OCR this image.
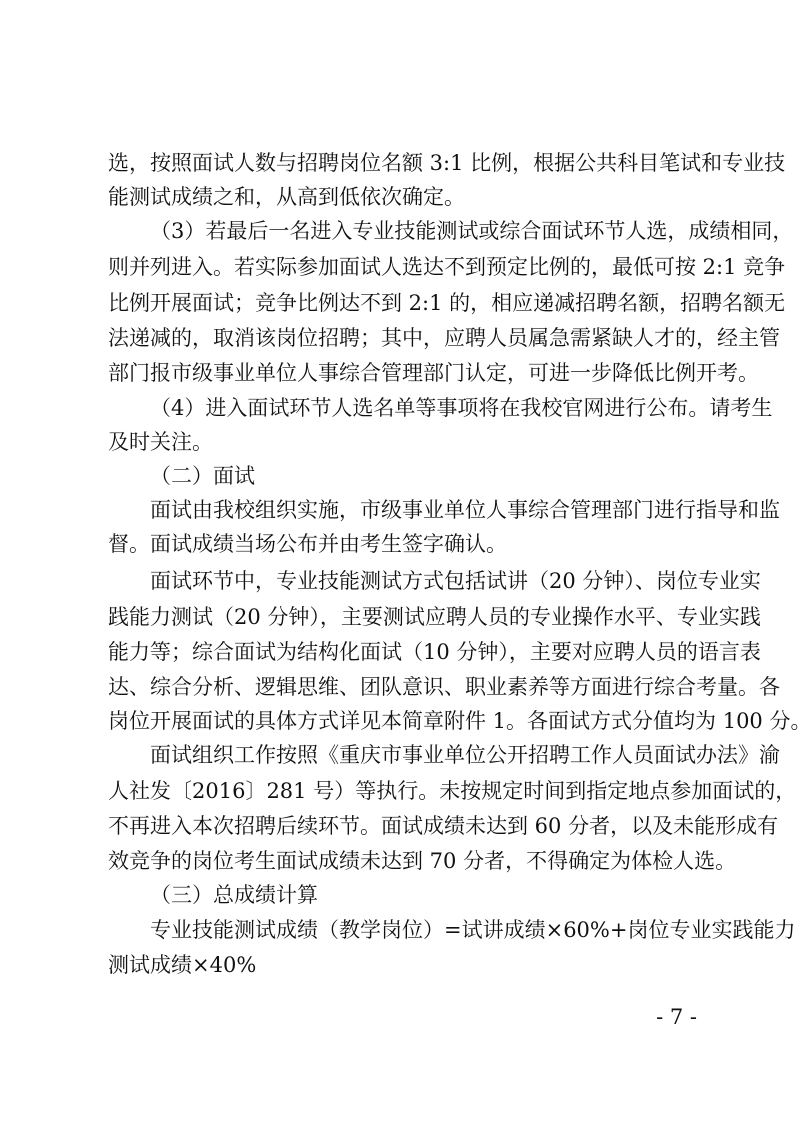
选，按照面试人数与招聘岗位名额 3:1 比例，根据公共科目笔试和专业技
能测试成绩之和，从高到低依次确定。
（3）若最后一名进入专业技能测试或综合面试环节人选，成绩相同，
则并列进入。若实际参加面试人选达不到预定比例的，最低可按 2:1 竞争
比例开展面试；竞争比例达不到 2:1 的，相应递减招聘名额，招聘名额无
法递减的，取消该岗位招聘；其中，应聘人员属急需紧缺人才的，经主管
部门报市级事业单位人事综合管理部门认定，可进一步降低比例开考。
（4）进入面试环节人选名单等事项将在我校官网进行公布。请考生
及时关注。
（二）面试
面试由我校组织实施，市级事业单位人事综合管理部门进行指导和监
督。面试成绩当场公布并由考生签字确认。
面试环节中，专业技能测试方式包括试讲（20 分钟）、岗位专业实
践能力测试（20 分钟），主要测试应聘人员的专业操作水平、专业实践
能力等；综合面试为结构化面试（10 分钟），主要对应聘人员的语言表
达、综合分析、逻辑思维、团队意识、职业素养等方面进行综合考量。各
岗位开展面试的具体方式详见本简章附件 1。各面试方式分值均为 100 分。
面试组织工作按照《重庆市事业单位公开招聘工作人员面试办法》渝
人社发〔2016〕281 号）等执行。未按规定时间到指定地点参加面试的，
不再进入本次招聘后续环节。面试成绩未达到 60 分者，以及未能形成有
效竞争的岗位考生面试成绩未达到 70 分者，不得确定为体检人选。
（三）总成绩计算
专业技能测试成绩（教学岗位）=试讲成绩×60%+岗位专业实践能力
测试成绩×40%
- 7 -
